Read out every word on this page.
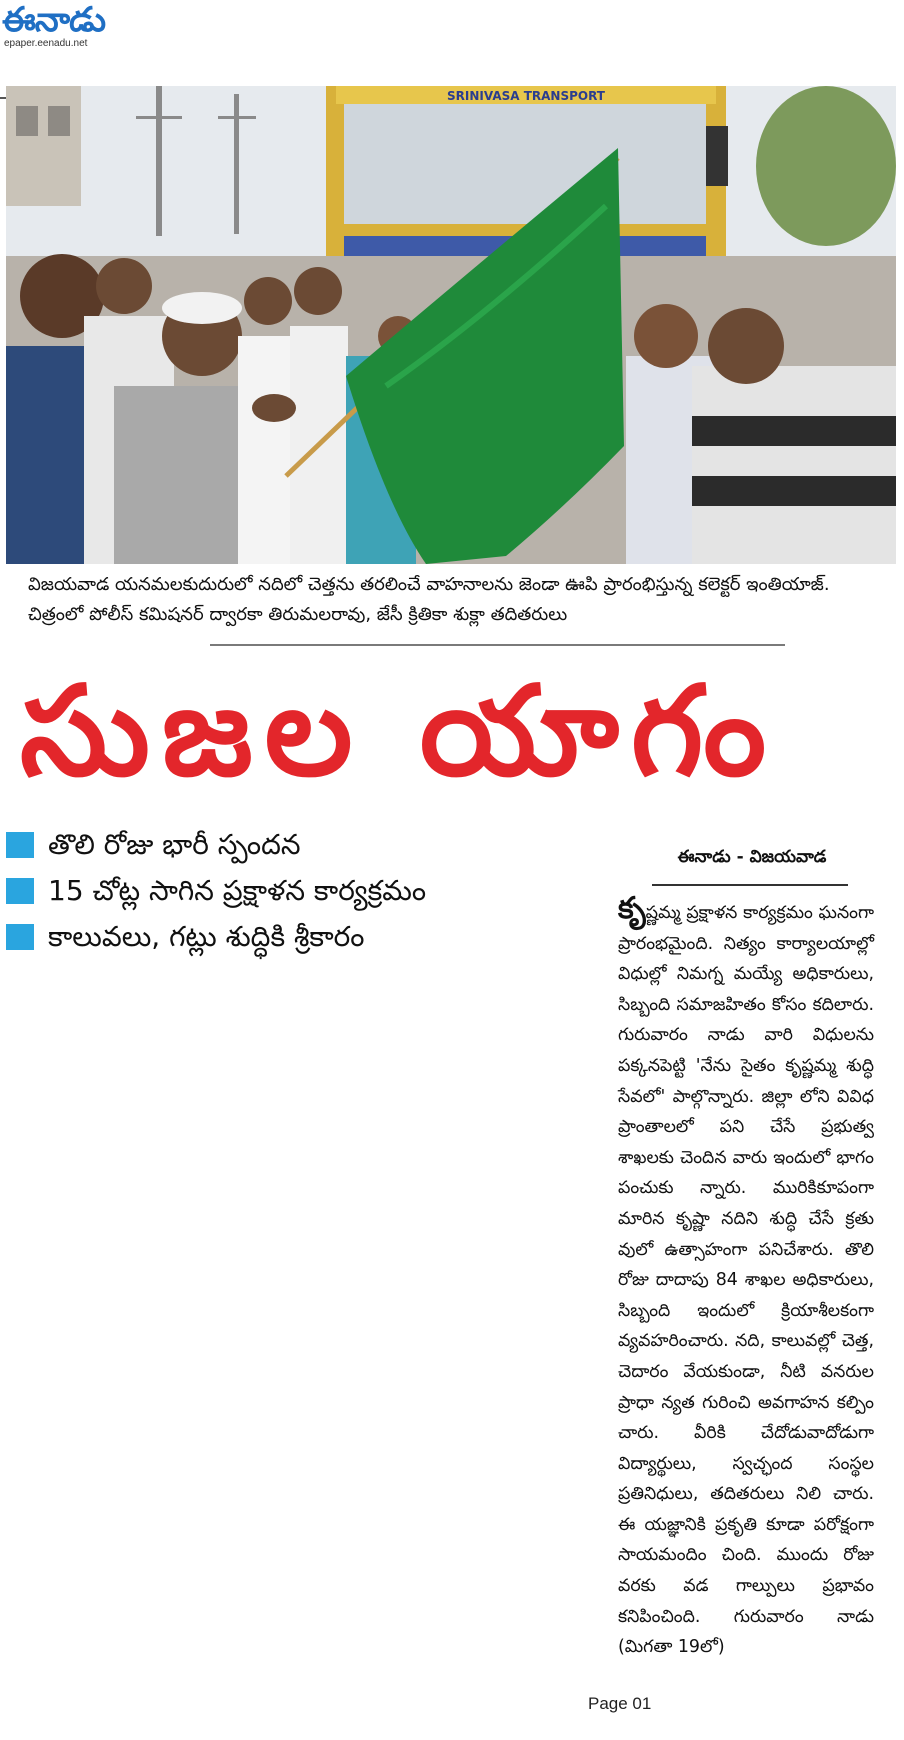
ఈనాడు
epaper.eenadu.net
SRINIVASA TRANSPORT
విజయవాడ యనమలకుదురులో నదిలో చెత్తను తరలించే వాహనాలను జెండా ఊపి ప్రారంభిస్తున్న కలెక్టర్ ఇంతియాజ్. చిత్రంలో పోలీస్ కమిషనర్ ద్వారకా తిరుమలరావు, జేసీ క్రితికా శుక్లా తదితరులు
సుజల యాగం
తొలి రోజు భారీ స్పందన
15 చోట్ల సాగిన ప్రక్షాళన కార్యక్రమం
కాలువలు, గట్లు శుద్ధికి శ్రీకారం
ఈనాడు - విజయవాడ
కృష్ణమ్మ ప్రక్షాళన కార్యక్రమం ఘనంగా ప్రారంభమైంది. నిత్యం కార్యాలయాల్లో విధుల్లో నిమగ్న మయ్యే అధికారులు, సిబ్బంది సమాజహితం కోసం కదిలారు. గురువారం నాడు వారి విధులను పక్కనపెట్టి 'నేను సైతం కృష్ణమ్మ శుద్ధి సేవలో' పాల్గొన్నారు. జిల్లా లోని వివిధ ప్రాంతాలలో పని చేసే ప్రభుత్వ శాఖలకు చెందిన వారు ఇందులో భాగం పంచుకు న్నారు. మురికికూపంగా మారిన కృష్ణా నదిని శుద్ధి చేసే క్రతు వులో ఉత్సాహంగా పనిచేశారు. తొలి రోజు దాదాపు 84 శాఖల అధికారులు, సిబ్బంది ఇందులో క్రియాశీలకంగా వ్యవహరించారు. నది, కాలువల్లో చెత్త, చెదారం వేయకుండా, నీటి వనరుల ప్రాధా న్యత గురించి అవగాహన కల్పిం చారు. వీరికి చేదోడువాదోడుగా విద్యార్థులు, స్వచ్ఛంద సంస్థల ప్రతినిధులు, తదితరులు నిలి చారు. ఈ యజ్ఞానికి ప్రకృతి కూడా పరోక్షంగా సాయమందిం చింది. ముందు రోజు వరకు వడ గాల్పులు ప్రభావం కనిపించింది. గురువారం నాడు (మిగతా 19లో)
Page 01
